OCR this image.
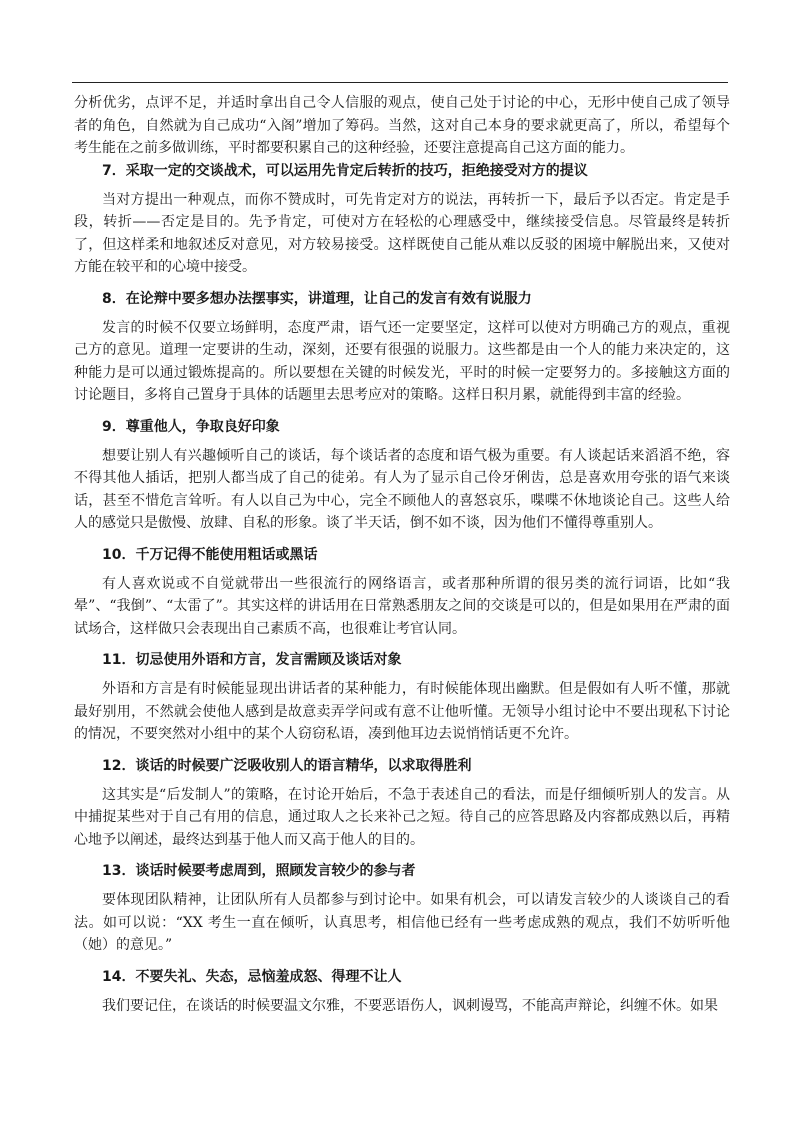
分析优劣，点评不足，并适时拿出自己令人信服的观点，使自己处于讨论的中心，无形中使自己成了领导者的角色，自然就为自己成功“入阁”增加了筹码。当然，这对自己本身的要求就更高了，所以，希望每个考生能在之前多做训练，平时都要积累自己的这种经验，还要注意提高自己这方面的能力。

7．采取一定的交谈战术，可以运用先肯定后转折的技巧，拒绝接受对方的提议

当对方提出一种观点，而你不赞成时，可先肯定对方的说法，再转折一下，最后予以否定。肯定是手段，转折——否定是目的。先予肯定，可使对方在轻松的心理感受中，继续接受信息。尽管最终是转折了，但这样柔和地叙述反对意见，对方较易接受。这样既使自己能从难以反驳的困境中解脱出来，又使对方能在较平和的心境中接受。

8．在论辩中要多想办法摆事实，讲道理，让自己的发言有效有说服力

发言的时候不仅要立场鲜明，态度严肃，语气还一定要坚定，这样可以使对方明确己方的观点，重视己方的意见。道理一定要讲的生动，深刻，还要有很强的说服力。这些都是由一个人的能力来决定的，这种能力是可以通过锻炼提高的。所以要想在关键的时候发光，平时的时候一定要努力的。多接触这方面的讨论题目，多将自己置身于具体的话题里去思考应对的策略。这样日积月累，就能得到丰富的经验。

9．尊重他人，争取良好印象

想要让别人有兴趣倾听自己的谈话，每个谈话者的态度和语气极为重要。有人谈起话来滔滔不绝，容不得其他人插话，把别人都当成了自己的徒弟。有人为了显示自己伶牙俐齿，总是喜欢用夸张的语气来谈话，甚至不惜危言耸听。有人以自己为中心，完全不顾他人的喜怒哀乐，喋喋不休地谈论自己。这些人给人的感觉只是傲慢、放肆、自私的形象。谈了半天话，倒不如不谈，因为他们不懂得尊重别人。

10．千万记得不能使用粗话或黑话

有人喜欢说或不自觉就带出一些很流行的网络语言，或者那种所谓的很另类的流行词语，比如“我晕”、“我倒”、“太雷了”。其实这样的讲话用在日常熟悉朋友之间的交谈是可以的，但是如果用在严肃的面试场合，这样做只会表现出自己素质不高，也很难让考官认同。

11．切忌使用外语和方言，发言需顾及谈话对象

外语和方言是有时候能显现出讲话者的某种能力，有时候能体现出幽默。但是假如有人听不懂，那就最好别用，不然就会使他人感到是故意卖弄学问或有意不让他听懂。无领导小组讨论中不要出现私下讨论的情况，不要突然对小组中的某个人窃窃私语，凑到他耳边去说悄悄话更不允许。

12．谈话的时候要广泛吸收别人的语言精华，以求取得胜利

这其实是“后发制人”的策略，在讨论开始后，不急于表述自己的看法，而是仔细倾听别人的发言。从中捕捉某些对于自己有用的信息，通过取人之长来补己之短。待自己的应答思路及内容都成熟以后，再精心地予以阐述，最终达到基于他人而又高于他人的目的。

13．谈话时候要考虑周到，照顾发言较少的参与者

要体现团队精神，让团队所有人员都参与到讨论中。如果有机会，可以请发言较少的人谈谈自己的看法。如可以说：“XX 考生一直在倾听，认真思考，相信他已经有一些考虑成熟的观点，我们不妨听听他（她）的意见。”

14．不要失礼、失态，忌恼羞成怒、得理不让人

我们要记住，在谈话的时候要温文尔雅，不要恶语伤人，讽刺谩骂，不能高声辩论，纠缠不休。如果
